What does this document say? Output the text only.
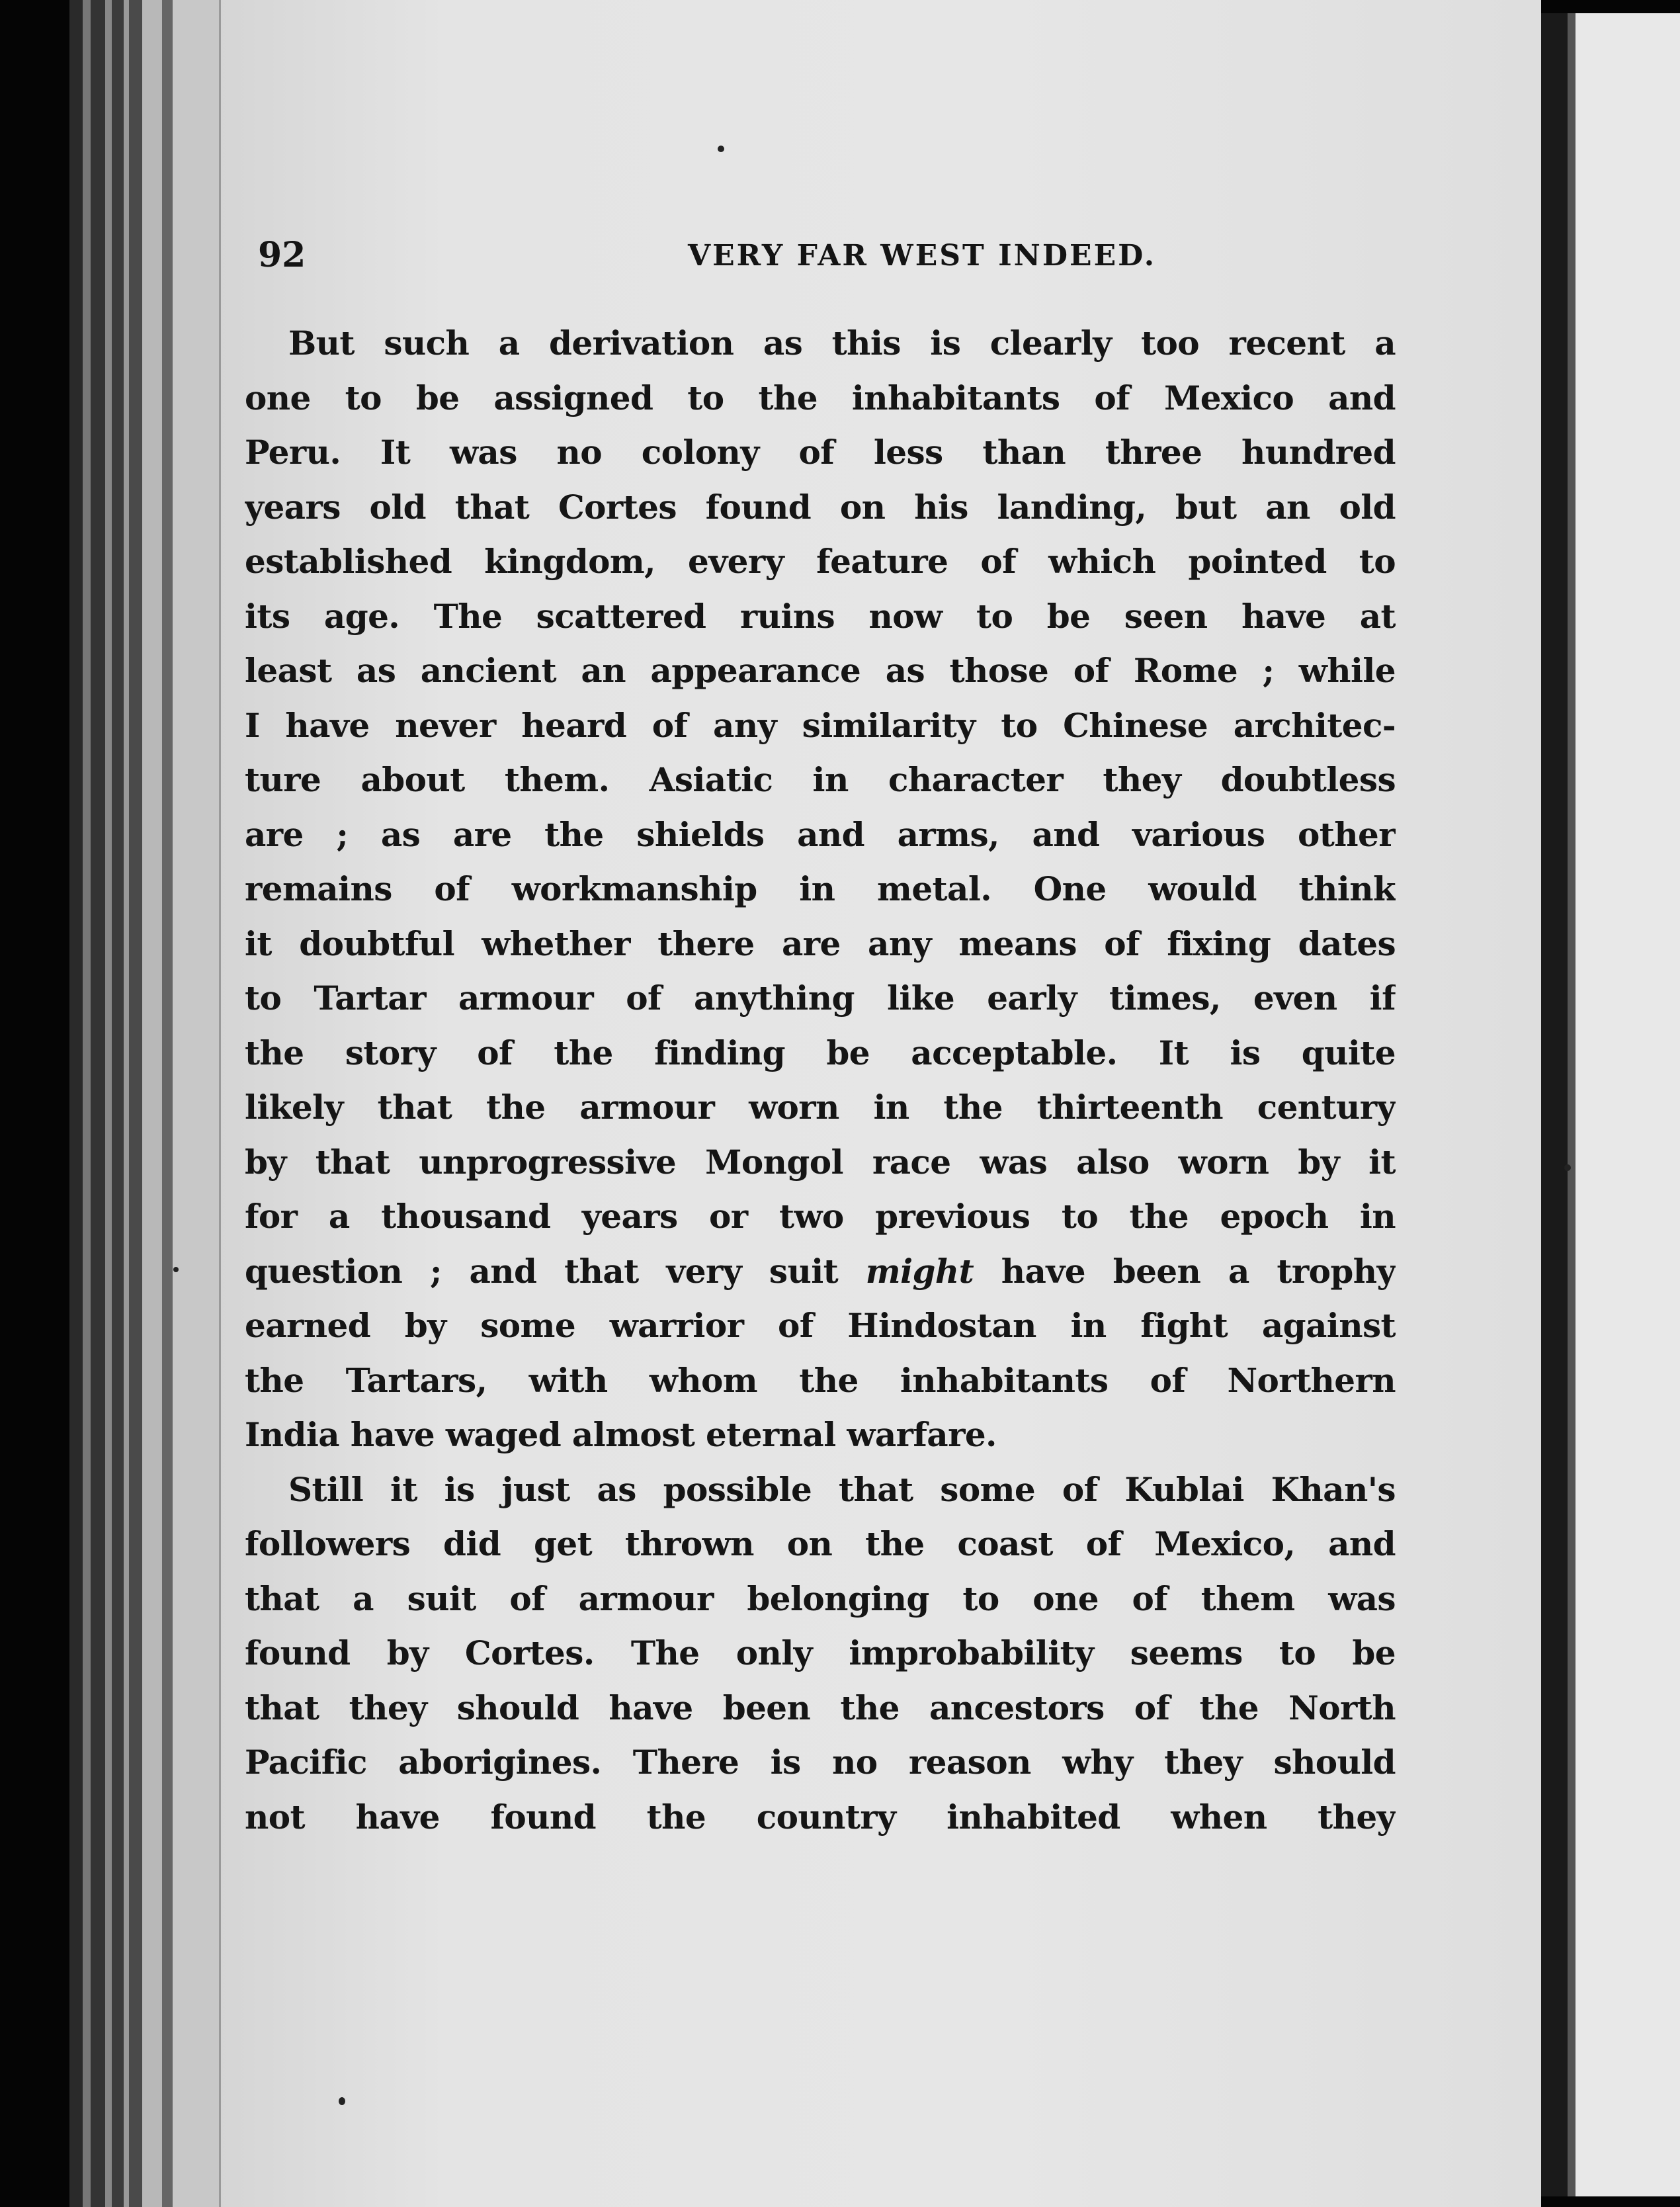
92	VERY FAR WEST INDEED.
But such a derivation as this is clearly too recent a
one to be assigned to the inhabitants of Mexico and
Peru. It was no colony of less than three hundred
years old that Cortes found on his landing, but an old
established kingdom, every feature of which pointed to
its age. The scattered ruins now to be seen have at
least as ancient an appearance as those of Rome ; while
I have never heard of any similarity to Chinese architec-
ture about them. Asiatic in character they doubtless
are ; as are the shields and arms, and various other
remains of workmanship in metal. One would think
it doubtful whether there are any means of fixing dates
to Tartar armour of anything like early times, even if
the story of the finding be acceptable. It is quite
likely that the armour worn in the thirteenth century
by that unprogressive Mongol race was also worn by it
for a thousand years or two previous to the epoch in
question ; and that very suit might have been a trophy
earned by some warrior of Hindostan in fight against
the Tartars, with whom the inhabitants of Northern
India have waged almost eternal warfare.
Still it is just as possible that some of Kublai Khan's
followers did get thrown on the coast of Mexico, and
that a suit of armour belonging to one of them was
found by Cortes. The only improbability seems to be
that they should have been the ancestors of the North
Pacific aborigines. There is no reason why they should
not have found the country inhabited when they
